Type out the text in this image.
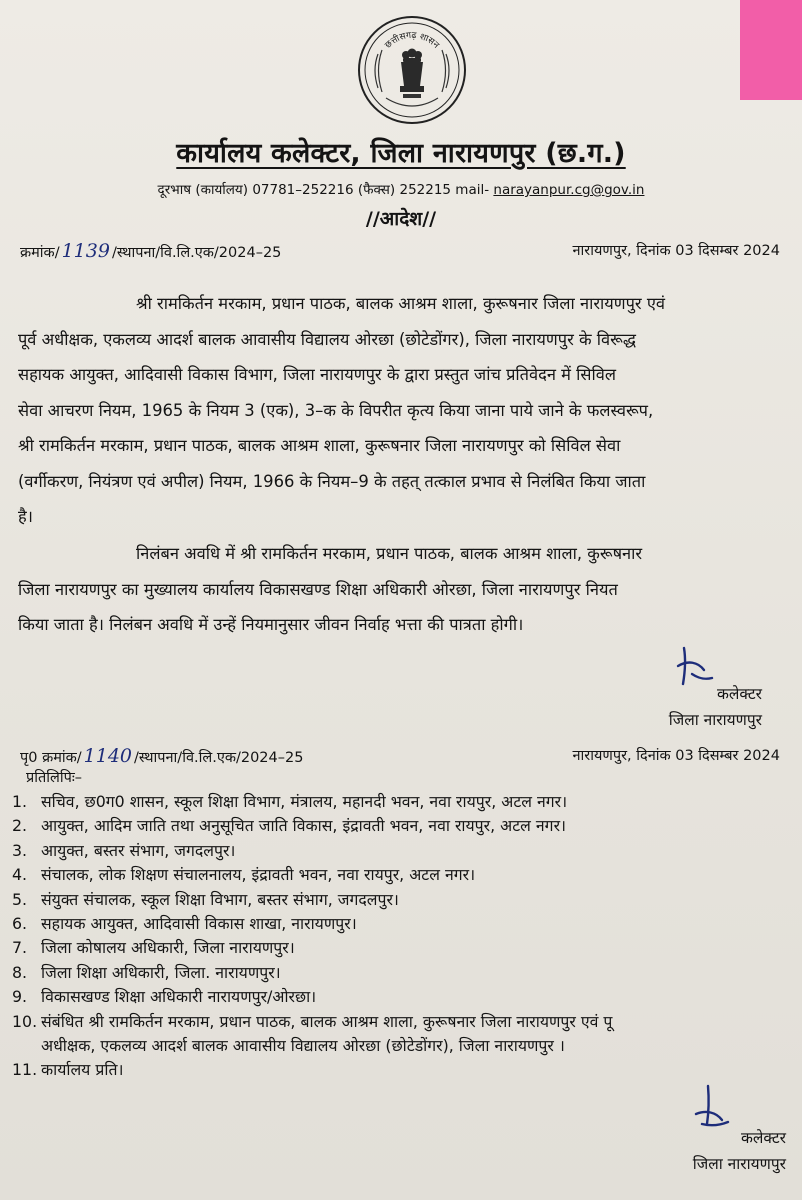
छत्तीसगढ़ शासन
कार्यालय कलेक्टर, जिला नारायणपुर (छ.ग.)
दूरभाष (कार्यालय) 07781–252216 (फैक्स) 252215 mail- narayanpur.cg@gov.in
//आदेश//
क्रमांक/ 1139 /स्थापना/वि.लि.एक/2024–25	नारायणपुर, दिनांक 03 दिसम्बर 2024

श्री रामकिर्तन मरकाम, प्रधान पाठक, बालक आश्रम शाला, कुरूषनार जिला नारायणपुर एवं
पूर्व अधीक्षक, एकलव्य आदर्श बालक आवासीय विद्यालय ओरछा (छोटेडोंगर), जिला नारायणपुर के विरूद्ध
सहायक आयुक्त, आदिवासी विकास विभाग, जिला नारायणपुर के द्वारा प्रस्तुत जांच प्रतिवेदन में सिविल
सेवा आचरण नियम, 1965 के नियम 3 (एक), 3–क के विपरीत कृत्य किया जाना पाये जाने के फलस्वरूप,
श्री रामकिर्तन मरकाम, प्रधान पाठक, बालक आश्रम शाला, कुरूषनार जिला नारायणपुर को सिविल सेवा
(वर्गीकरण, नियंत्रण एवं अपील) नियम, 1966 के नियम–9 के तहत् तत्काल प्रभाव से निलंबित किया जाता
है।

निलंबन अवधि में श्री रामकिर्तन मरकाम, प्रधान पाठक, बालक आश्रम शाला, कुरूषनार
जिला नारायणपुर का मुख्यालय कार्यालय विकासखण्ड शिक्षा अधिकारी ओरछा, जिला नारायणपुर नियत
किया जाता है। निलंबन अवधि में उन्हें नियमानुसार जीवन निर्वाह भत्ता की पात्रता होगी।

कलेक्टर
जिला नारायणपुर
पृ0 क्रमांक/ 1140 /स्थापना/वि.लि.एक/2024–25	नारायणपुर, दिनांक 03 दिसम्बर 2024
प्रतिलिपिः–
1. सचिव, छ0ग0 शासन, स्कूल शिक्षा विभाग, मंत्रालय, महानदी भवन, नवा रायपुर, अटल नगर।
2. आयुक्त, आदिम जाति तथा अनुसूचित जाति विकास, इंद्रावती भवन, नवा रायपुर, अटल नगर।
3. आयुक्त, बस्तर संभाग, जगदलपुर।
4. संचालक, लोक शिक्षण संचालनालय, इंद्रावती भवन, नवा रायपुर, अटल नगर।
5. संयुक्त संचालक, स्कूल शिक्षा विभाग, बस्तर संभाग, जगदलपुर।
6. सहायक आयुक्त, आदिवासी विकास शाखा, नारायणपुर।
7. जिला कोषालय अधिकारी, जिला नारायणपुर।
8. जिला शिक्षा अधिकारी, जिला. नारायणपुर।
9. विकासखण्ड शिक्षा अधिकारी नारायणपुर/ओरछा।
10. संबंधित श्री रामकिर्तन मरकाम, प्रधान पाठक, बालक आश्रम शाला, कुरूषनार जिला नारायणपुर एवं पू
अधीक्षक, एकलव्य आदर्श बालक आवासीय विद्यालय ओरछा (छोटेडोंगर), जिला नारायणपुर ।
11. कार्यालय प्रति।
कलेक्टर
जिला नारायणपुर
